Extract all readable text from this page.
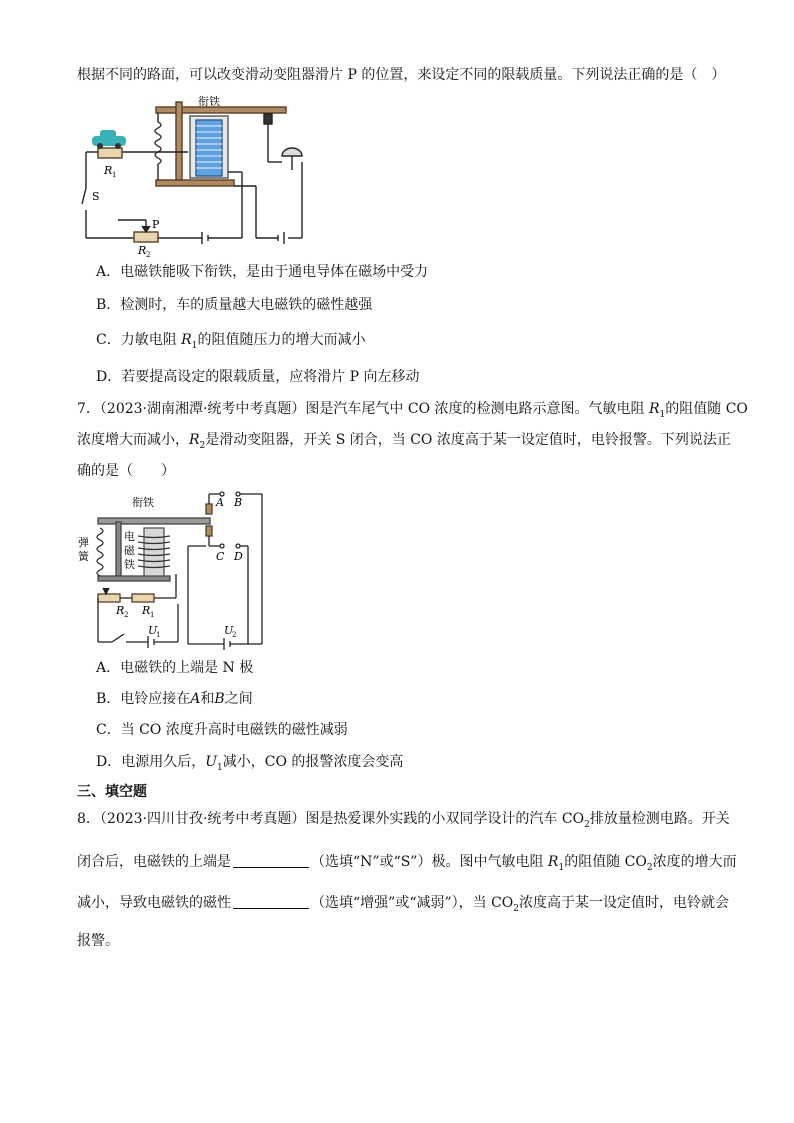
根据不同的路面，可以改变滑动变阻器滑片 P 的位置，来设定不同的限载质量。下列说法正确的是（　）
衔铁
R 1
S
P
R 2
A．电磁铁能吸下衔铁，是由于通电导体在磁场中受力
B．检测时，车的质量越大电磁铁的磁性越强
C．力敏电阻 $R_1$的阻值随压力的增大而减小
D．若要提高设定的限载质量，应将滑片 P 向左移动
7．（2023·湖南湘潭·统考中考真题）图是汽车尾气中 CO 浓度的检测电路示意图。气敏电阻 $R_1$的阻值随 CO
浓度增大而减小，$R_2$是滑动变阻器，开关 S 闭合，当 CO 浓度高于某一设定值时，电铃报警。下列说法正
确的是（　　）
衔铁
弹
簧
电
磁
铁
A B
C D
R 2 R 1
U
1	U
2
A．电磁铁的上端是 N 极
B．电铃应接在A和B之间
C．当 CO 浓度升高时电磁铁的磁性减弱
D．电源用久后，$U_1$减小，CO 的报警浓度会变高
三、填空题
8．（2023·四川甘孜·统考中考真题）图是热爱课外实践的小双同学设计的汽车 $CO_2$排放量检测电路。开关
闭合后，电磁铁的上端是	（选填“N”或“S”）极。图中气敏电阻 $R_1$的阻值随 $CO_2$浓度的增大而
减小，导致电磁铁的磁性	（选填“增强”或“减弱”），当 $CO_2$浓度高于某一设定值时，电铃就会
报警。
